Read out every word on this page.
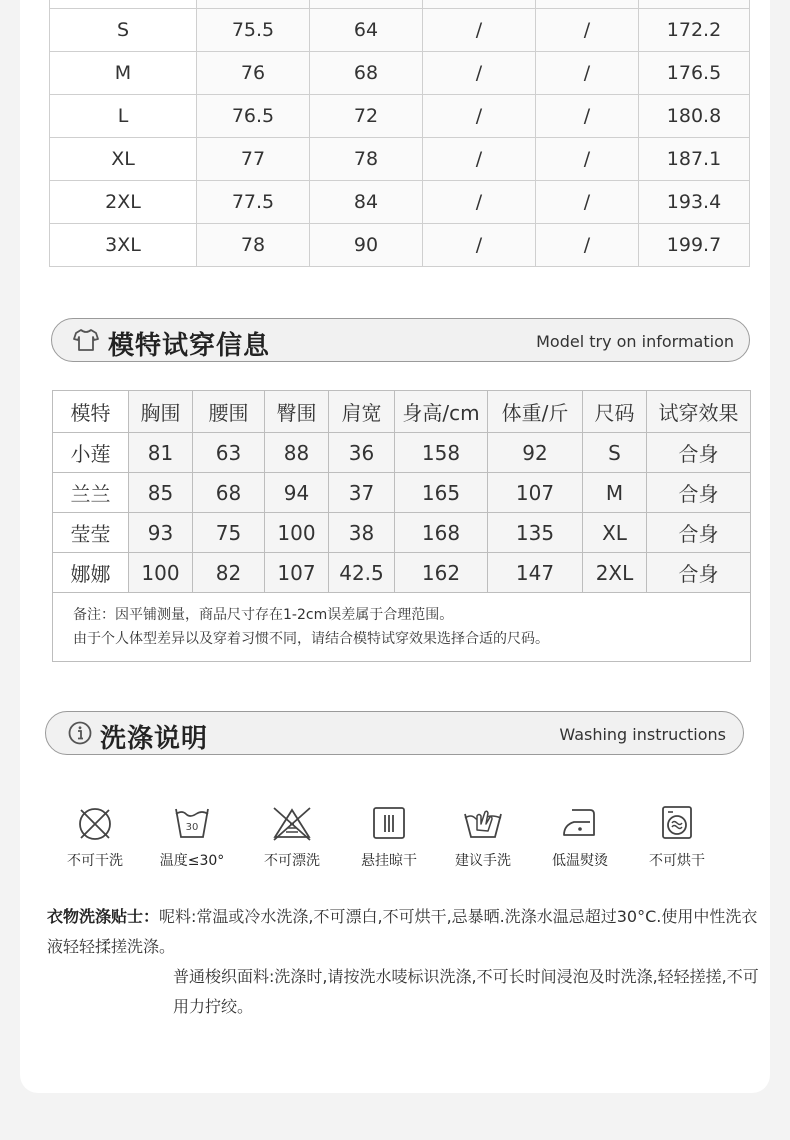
S	75.5	64	/	/	172.2
M	76	68	/	/	176.5
L	76.5	72	/	/	180.8
XL	77	78	/	/	187.1
2XL	77.5	84	/	/	193.4
3XL	78	90	/	/	199.7
模特试穿信息	Model try on information
模特	胸围	腰围	臀围	肩宽	身高/cm	体重/斤	尺码	试穿效果
小莲	81	63	88	36	158	92	S	合身
兰兰	85	68	94	37	165	107	M	合身
莹莹	93	75	100	38	168	135	XL	合身
娜娜	100	82	107	42.5	162	147	2XL	合身

备注：因平铺测量，商品尺寸存在1-2cm误差属于合理范围。
由于个人体型差异以及穿着习惯不同，请结合模特试穿效果选择合适的尺码。								
洗涤说明	Washing instructions
不可干洗
30
温度≤30°	不可漂洗	悬挂晾干	建议手洗	低温熨烫	不可烘干

衣物洗涤贴士：呢料:常温或冷水洗涤,不可漂白,不可烘干,忌暴晒.洗涤水温忌超过30°C.使用中性洗衣液轻轻揉搓洗涤。

普通梭织面料:洗涤时,请按洗水唛标识洗涤,不可长时间浸泡及时洗涤,轻轻搓搓,不可用力拧绞。
